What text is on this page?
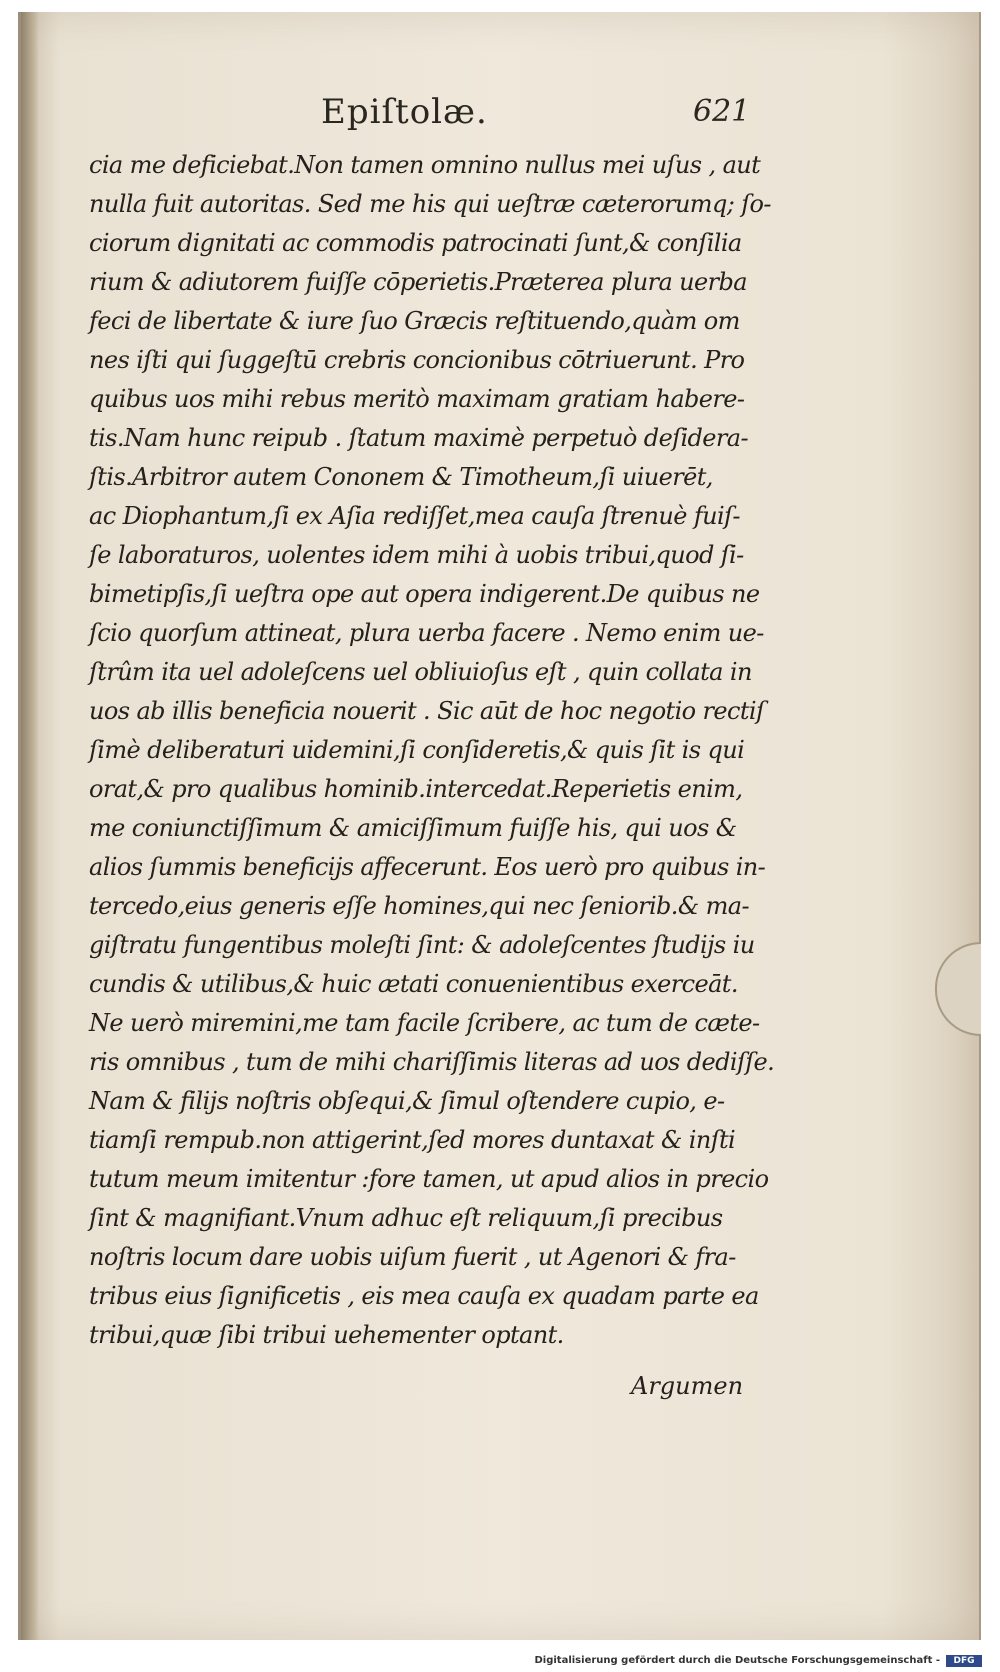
Epiſtolæ.	621
cia me deficiebat.Non tamen omnino nullus mei uſus , aut
nulla fuit autoritas. Sed me his qui ueſtræ cæterorumq; ſo-
ciorum dignitati ac commodis patrocinati ſunt,& conſilia
rium & adiutorem fuiſſe cōperietis.Præterea plura uerba
feci de libertate & iure ſuo Græcis reſtituendo,quàm om
nes iſti qui ſuggeſtū crebris concionibus cōtriuerunt. Pro
quibus uos mihi rebus meritò maximam gratiam habere-
tis.Nam hunc reipub . ſtatum maximè perpetuò deſidera-
ſtis.Arbitror autem Cononem & Timotheum,ſi uiuerēt,
ac Diophantum,ſi ex Aſia rediſſet,mea cauſa ſtrenuè fuiſ-
ſe laboraturos, uolentes idem mihi à uobis tribui,quod ſi-
bimetipſis,ſi ueſtra ope aut opera indigerent.De quibus ne
ſcio quorſum attineat, plura uerba facere . Nemo enim ue-
ſtrûm ita uel adoleſcens uel obliuioſus eſt , quin collata in
uos ab illis beneficia nouerit . Sic aūt de hoc negotio rectiſ
ſimè deliberaturi uidemini,ſi conſideretis,& quis ſit is qui
orat,& pro qualibus hominib.intercedat.Reperietis enim,
me coniunctiſſimum & amiciſſimum fuiſſe his, qui uos &
alios ſummis beneficijs affecerunt. Eos uerò pro quibus in-
tercedo,eius generis eſſe homines,qui nec ſeniorib.& ma-
giſtratu fungentibus moleſti ſint: & adoleſcentes ſtudijs iu
cundis & utilibus,& huic ætati conuenientibus exerceāt.
Ne uerò miremini,me tam facile ſcribere, ac tum de cæte-
ris omnibus , tum de mihi chariſſimis literas ad uos dediſſe.
Nam & filijs noſtris obſequi,& ſimul oſtendere cupio, e-
tiamſi rempub.non attigerint,ſed mores duntaxat & inſti
tutum meum imitentur :fore tamen, ut apud alios in precio
ſint & magnifiant.Vnum adhuc eſt reliquum,ſi precibus
noſtris locum dare uobis uiſum fuerit , ut Agenori & fra-
tribus eius ſignificetis , eis mea cauſa ex quadam parte ea
tribui,quæ ſibi tribui uehementer optant.
Argumen
Digitalisierung gefördert durch die Deutsche Forschungsgemeinschaft -	DFG
